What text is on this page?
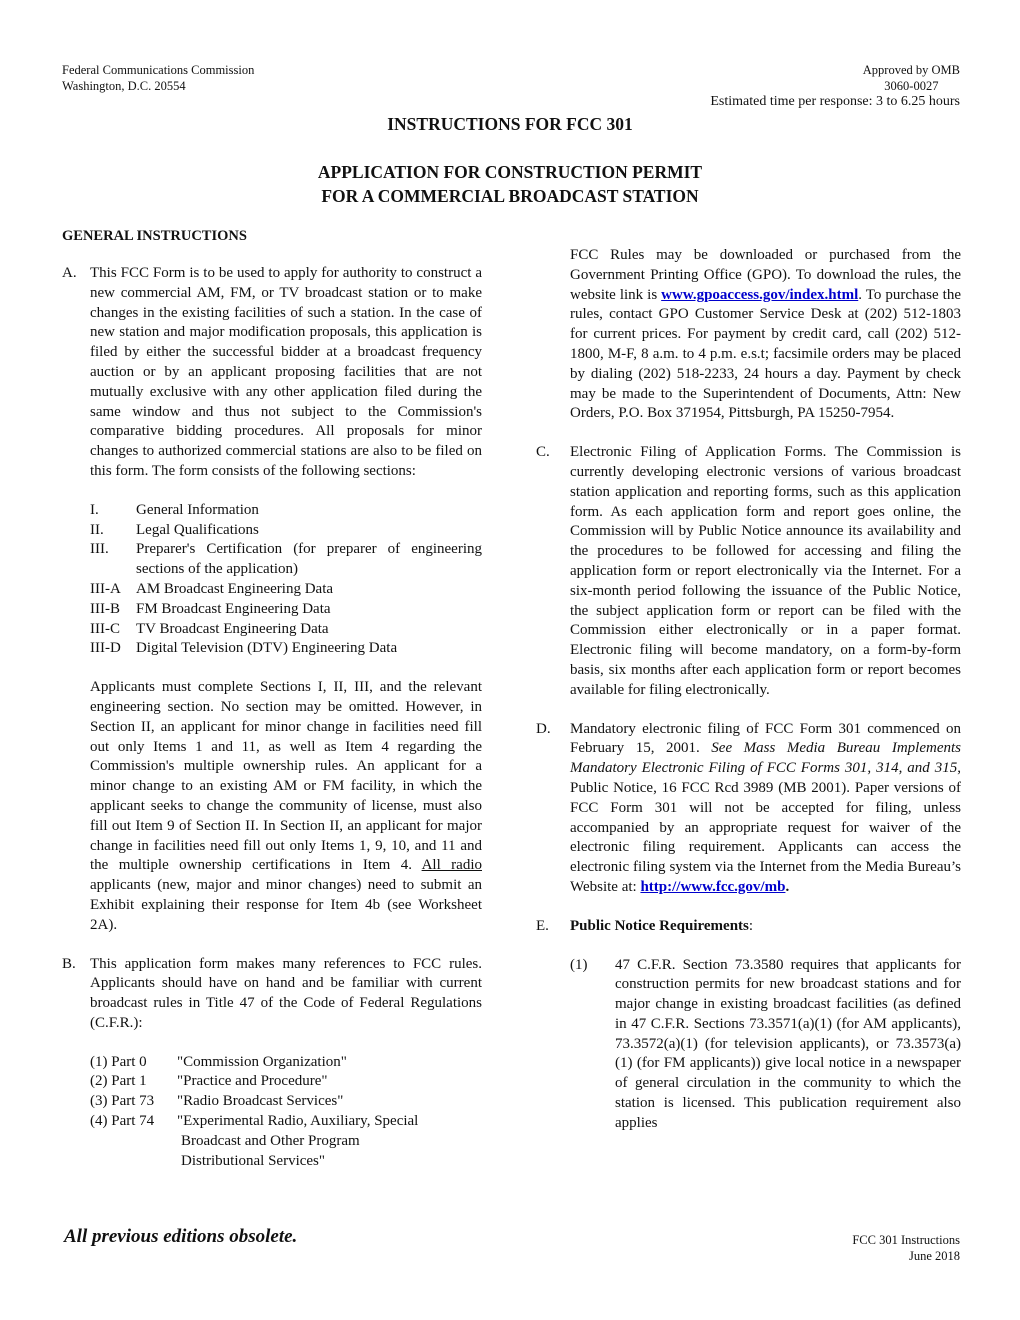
Federal Communications Commission
Washington, D.C. 20554
Approved by OMB
3060-0027
Estimated time per response: 3 to 6.25 hours
INSTRUCTIONS FOR FCC 301
APPLICATION FOR CONSTRUCTION PERMIT
FOR A COMMERCIAL BROADCAST STATION
GENERAL INSTRUCTIONS
A. This FCC Form is to be used to apply for authority to construct a new commercial AM, FM, or TV broadcast station or to make changes in the existing facilities of such a station. In the case of new station and major modification proposals, this application is filed by either the successful bidder at a broadcast frequency auction or by an applicant proposing facilities that are not mutually exclusive with any other application filed during the same window and thus not subject to the Commission's comparative bidding procedures. All proposals for minor changes to authorized commercial stations are also to be filed on this form. The form consists of the following sections:
I.	General Information
II.	Legal Qualifications
III.	Preparer's Certification (for preparer of engineering sections of the application)
III-A	AM Broadcast Engineering Data
III-B	FM Broadcast Engineering Data
III-C	TV Broadcast Engineering Data
III-D	Digital Television (DTV) Engineering Data
Applicants must complete Sections I, II, III, and the relevant engineering section. No section may be omitted. However, in Section II, an applicant for minor change in facilities need fill out only Items 1 and 11, as well as Item 4 regarding the Commission's multiple ownership rules. An applicant for a minor change to an existing AM or FM facility, in which the applicant seeks to change the community of license, must also fill out Item 9 of Section II. In Section II, an applicant for major change in facilities need fill out only Items 1, 9, 10, and 11 and the multiple ownership certifications in Item 4. All radio applicants (new, major and minor changes) need to submit an Exhibit explaining their response for Item 4b (see Worksheet 2A).
B. This application form makes many references to FCC rules. Applicants should have on hand and be familiar with current broadcast rules in Title 47 of the Code of Federal Regulations (C.F.R.):
(1) Part 0	"Commission Organization"
(2) Part 1	"Practice and Procedure"
(3) Part 73	"Radio Broadcast Services"
(4) Part 74	"Experimental Radio, Auxiliary, Special Broadcast and Other Program Distributional Services"
FCC Rules may be downloaded or purchased from the Government Printing Office (GPO). To download the rules, the website link is www.gpoaccess.gov/index.html. To purchase the rules, contact GPO Customer Service Desk at (202) 512-1803 for current prices. For payment by credit card, call (202) 512-1800, M-F, 8 a.m. to 4 p.m. e.s.t; facsimile orders may be placed by dialing (202) 518-2233, 24 hours a day. Payment by check may be made to the Superintendent of Documents, Attn: New Orders, P.O. Box 371954, Pittsburgh, PA 15250-7954.
C. Electronic Filing of Application Forms. The Commission is currently developing electronic versions of various broadcast station application and reporting forms, such as this application form. As each application form and report goes online, the Commission will by Public Notice announce its availability and the procedures to be followed for accessing and filing the application form or report electronically via the Internet. For a six-month period following the issuance of the Public Notice, the subject application form or report can be filed with the Commission either electronically or in a paper format. Electronic filing will become mandatory, on a form-by-form basis, six months after each application form or report becomes available for filing electronically.
D. Mandatory electronic filing of FCC Form 301 commenced on February 15, 2001. See Mass Media Bureau Implements Mandatory Electronic Filing of FCC Forms 301, 314, and 315, Public Notice, 16 FCC Rcd 3989 (MB 2001). Paper versions of FCC Form 301 will not be accepted for filing, unless accompanied by an appropriate request for waiver of the electronic filing requirement. Applicants can access the electronic filing system via the Internet from the Media Bureau’s Website at: http://www.fcc.gov/mb.
E. Public Notice Requirements:
(1) 47 C.F.R. Section 73.3580 requires that applicants for construction permits for new broadcast stations and for major change in existing broadcast facilities (as defined in 47 C.F.R. Sections 73.3571(a)(1) (for AM applicants), 73.3572(a)(1) (for television applicants), or 73.3573(a) (1) (for FM applicants)) give local notice in a newspaper of general circulation in the community to which the station is licensed. This publication requirement also applies
All previous editions obsolete.	FCC 301 Instructions
June 2018
